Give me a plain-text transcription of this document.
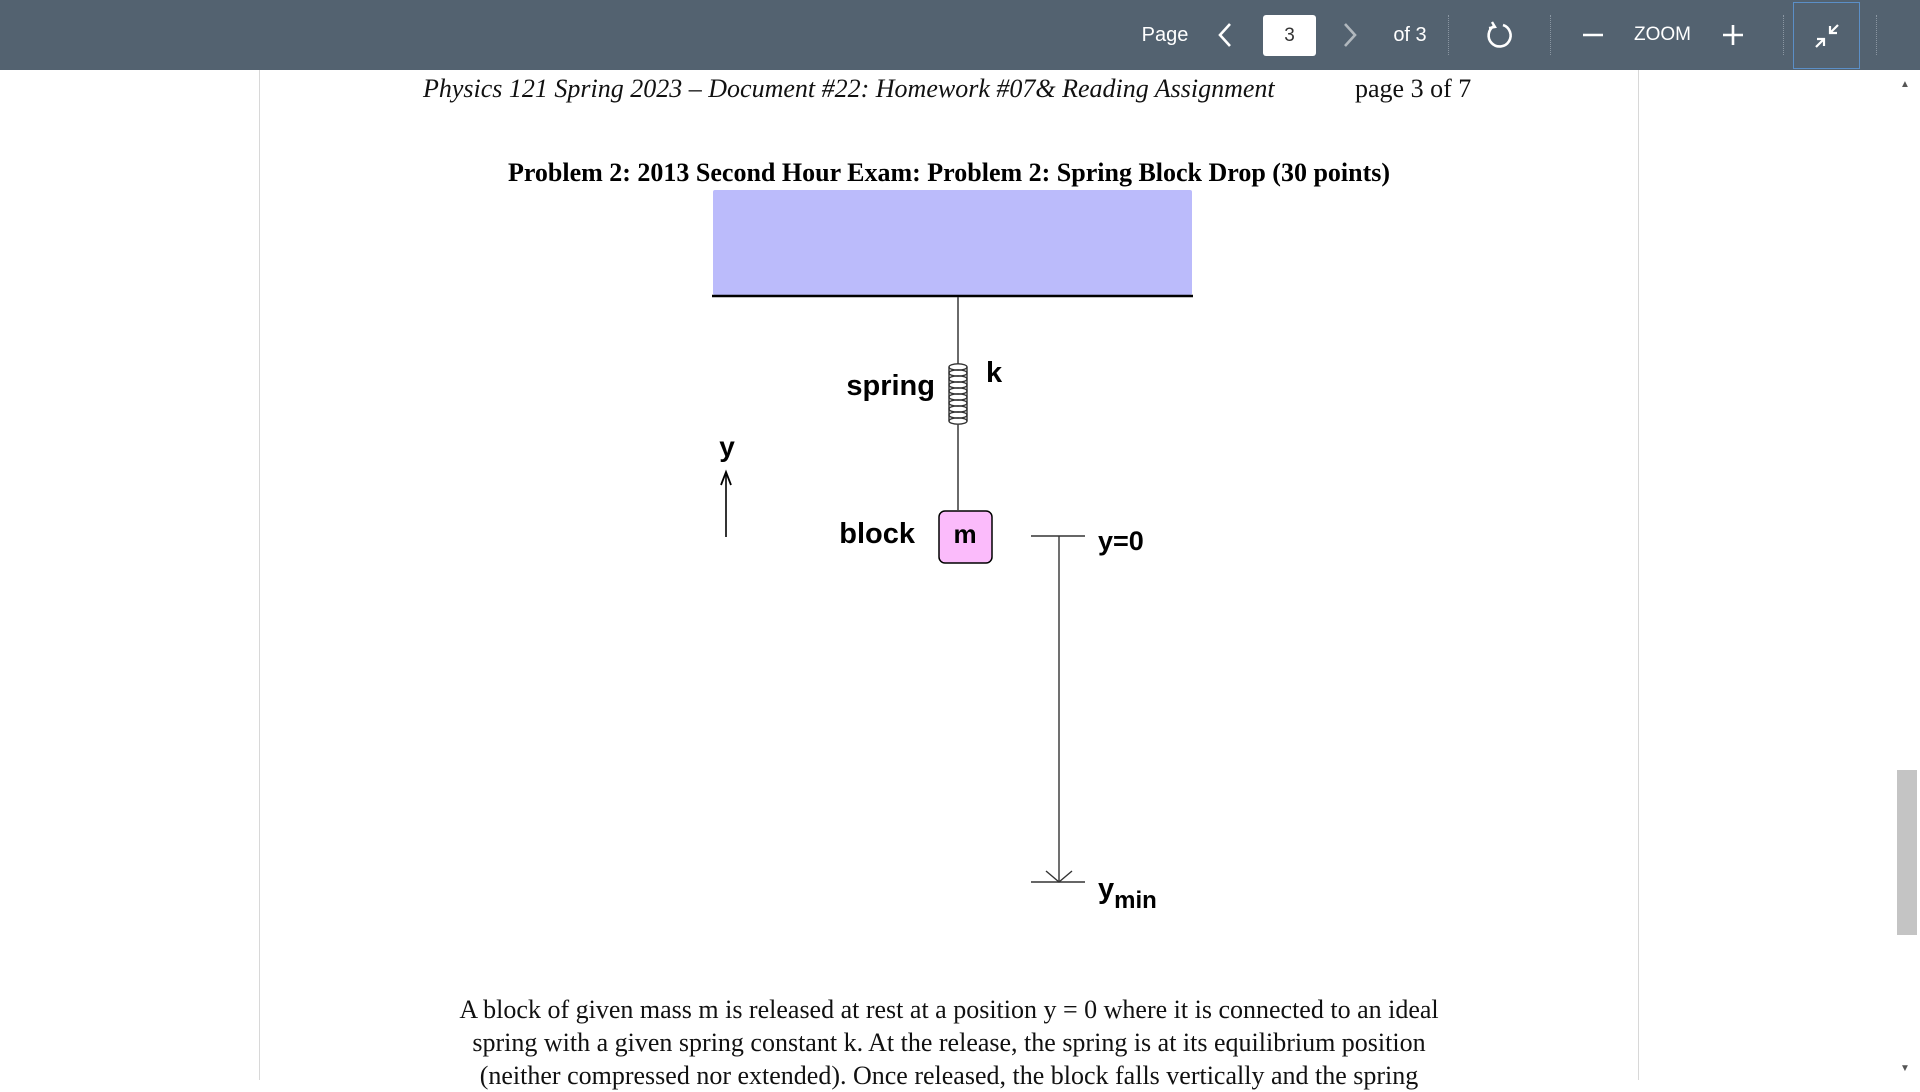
Page
3	of 3	ZOOM
Physics 121 Spring 2023 – Document #22: Homework #07& Reading Assignment	page 3 of 7
Problem 2: 2013 Second Hour Exam: Problem 2: Spring Block Drop (30 points)
m
spring k
block
y
y=0
$y_{min}$
A block of given mass m is released at rest at a position y = 0 where it is connected to an ideal
spring with a given spring constant k. At the release, the spring is at its equilibrium position
(neither compressed nor extended). Once released, the block falls vertically and the spring
▲
▼
